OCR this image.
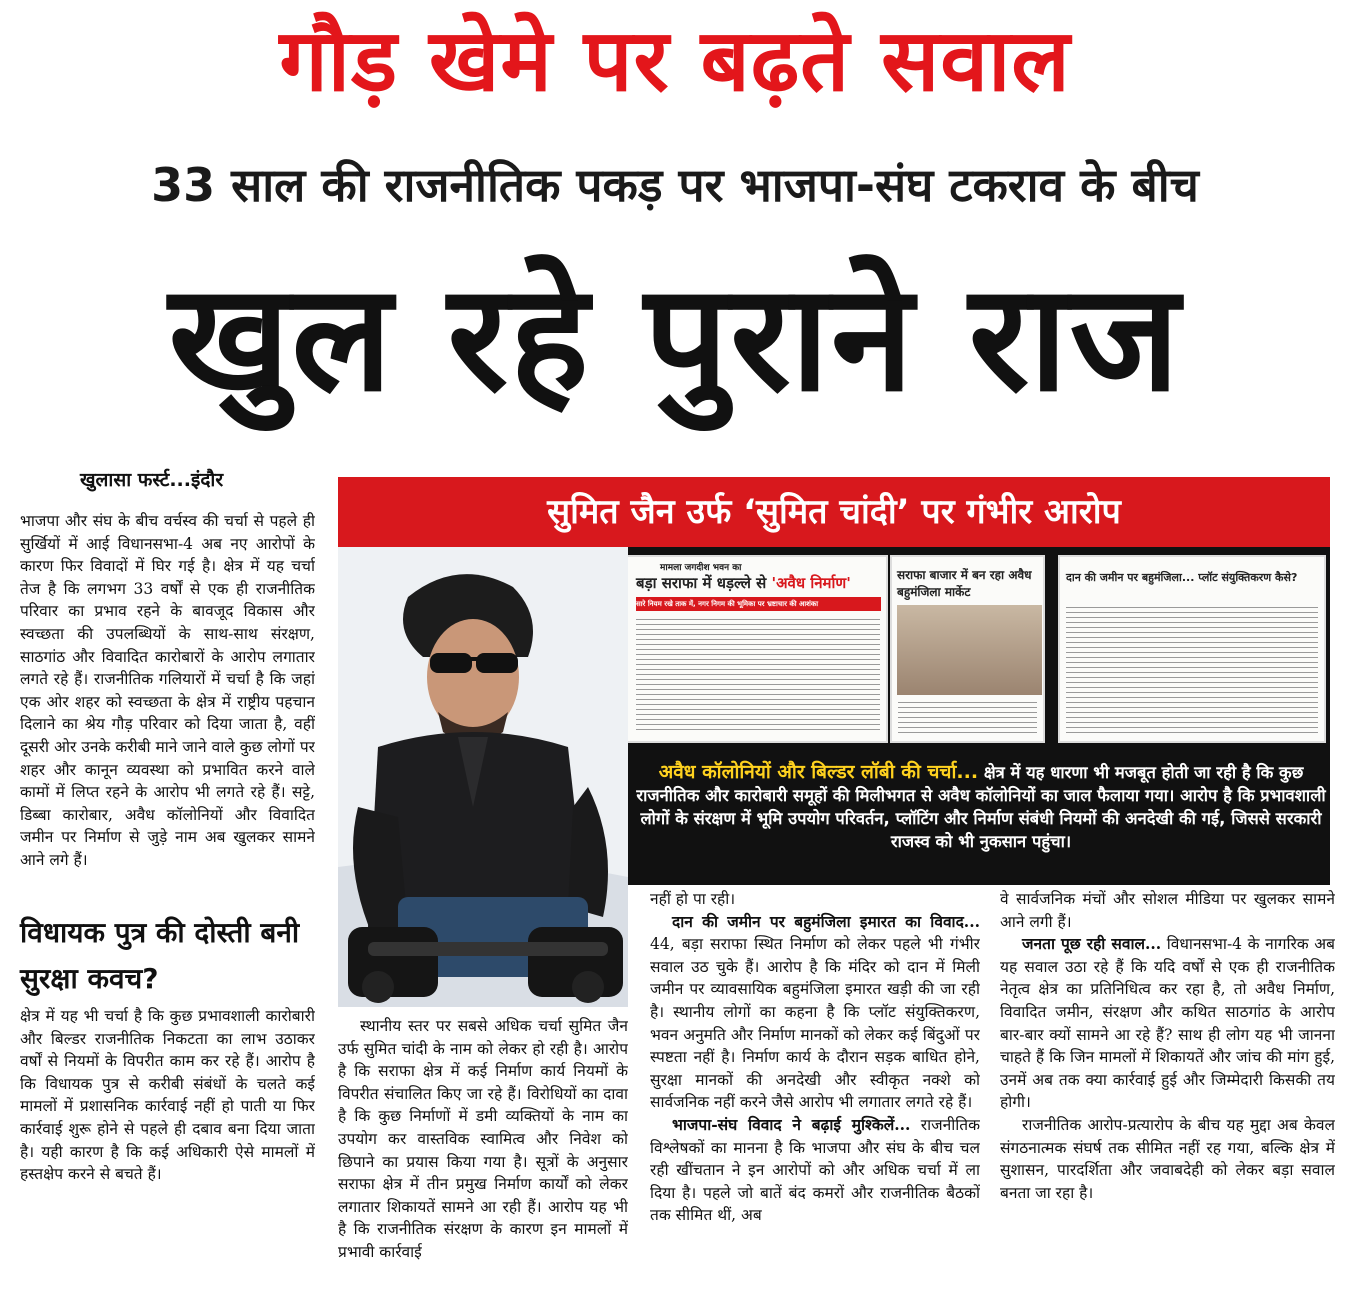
गौड़ खेमे पर बढ़ते सवाल
33 साल की राजनीतिक पकड़ पर भाजपा-संघ टकराव के बीच
खुल रहे पुराने राज
खुलासा फर्स्ट...इंदौर

भाजपा और संघ के बीच वर्चस्व की चर्चा से पहले ही सुर्खियों में आई विधानसभा-4 अब नए आरोपों के कारण फिर विवादों में घिर गई है। क्षेत्र में यह चर्चा तेज है कि लगभग 33 वर्षों से एक ही राजनीतिक परिवार का प्रभाव रहने के बावजूद विकास और स्वच्छता की उपलब्धियों के साथ-साथ संरक्षण, साठगांठ और विवादित कारोबारों के आरोप लगातार लगते रहे हैं। राजनीतिक गलियारों में चर्चा है कि जहां एक ओर शहर को स्वच्छता के क्षेत्र में राष्ट्रीय पहचान दिलाने का श्रेय गौड़ परिवार को दिया जाता है, वहीं दूसरी ओर उनके करीबी माने जाने वाले कुछ लोगों पर शहर और कानून व्यवस्था को प्रभावित करने वाले कामों में लिप्त रहने के आरोप भी लगते रहे हैं। सट्टे, डिब्बा कारोबार, अवैध कॉलोनियों और विवादित जमीन पर निर्माण से जुड़े नाम अब खुलकर सामने आने लगे हैं।

विधायक पुत्र की दोस्ती बनी सुरक्षा कवच?

क्षेत्र में यह भी चर्चा है कि कुछ प्रभावशाली कारोबारी और बिल्डर राजनीतिक निकटता का लाभ उठाकर वर्षों से नियमों के विपरीत काम कर रहे हैं। आरोप है कि विधायक पुत्र से करीबी संबंधों के चलते कई मामलों में प्रशासनिक कार्रवाई नहीं हो पाती या फिर कार्रवाई शुरू होने से पहले ही दबाव बना दिया जाता है। यही कारण है कि कई अधिकारी ऐसे मामलों में हस्तक्षेप करने से बचते हैं।

सुमित जैन उर्फ ‘सुमित चांदी’ पर गंभीर आरोप
मामला जगदीश भवन का
बड़ा सराफा में धड़ल्ले से 'अवैध निर्माण'
सारे नियम रखे ताक में, नगर निगम की भूमिका पर भ्रष्टाचार की आशंका
सराफा बाजार में बन रहा अवैध बहुमंजिला मार्केट
दान की जमीन पर बहुमंजिला... प्लॉट संयुक्तिकरण कैसे?
अवैध कॉलोनियों और बिल्डर लॉबी की चर्चा... क्षेत्र में यह धारणा भी मजबूत होती जा रही है कि कुछ राजनीतिक और कारोबारी समूहों की मिलीभगत से अवैध कॉलोनियों का जाल फैलाया गया। आरोप है कि प्रभावशाली लोगों के संरक्षण में भूमि उपयोग परिवर्तन, प्लॉटिंग और निर्माण संबंधी नियमों की अनदेखी की गई, जिससे सरकारी राजस्व को भी नुकसान पहुंचा।

स्थानीय स्तर पर सबसे अधिक चर्चा सुमित जैन उर्फ सुमित चांदी के नाम को लेकर हो रही है। आरोप है कि सराफा क्षेत्र में कई निर्माण कार्य नियमों के विपरीत संचालित किए जा रहे हैं। विरोधियों का दावा है कि कुछ निर्माणों में डमी व्यक्तियों के नाम का उपयोग कर वास्तविक स्वामित्व और निवेश को छिपाने का प्रयास किया गया है। सूत्रों के अनुसार सराफा क्षेत्र में तीन प्रमुख निर्माण कार्यों को लेकर लगातार शिकायतें सामने आ रही हैं। आरोप यह भी है कि राजनीतिक संरक्षण के कारण इन मामलों में प्रभावी कार्रवाई

नहीं हो पा रही।

दान की जमीन पर बहुमंजिला इमारत का विवाद... 44, बड़ा सराफा स्थित निर्माण को लेकर पहले भी गंभीर सवाल उठ चुके हैं। आरोप है कि मंदिर को दान में मिली जमीन पर व्यावसायिक बहुमंजिला इमारत खड़ी की जा रही है। स्थानीय लोगों का कहना है कि प्लॉट संयुक्तिकरण, भवन अनुमति और निर्माण मानकों को लेकर कई बिंदुओं पर स्पष्टता नहीं है। निर्माण कार्य के दौरान सड़क बाधित होने, सुरक्षा मानकों की अनदेखी और स्वीकृत नक्शे को सार्वजनिक नहीं करने जैसे आरोप भी लगातार लगते रहे हैं।

भाजपा-संघ विवाद ने बढ़ाई मुश्किलें... राजनीतिक विश्लेषकों का मानना है कि भाजपा और संघ के बीच चल रही खींचतान ने इन आरोपों को और अधिक चर्चा में ला दिया है। पहले जो बातें बंद कमरों और राजनीतिक बैठकों तक सीमित थीं, अब

वे सार्वजनिक मंचों और सोशल मीडिया पर खुलकर सामने आने लगी हैं।

जनता पूछ रही सवाल... विधानसभा-4 के नागरिक अब यह सवाल उठा रहे हैं कि यदि वर्षों से एक ही राजनीतिक नेतृत्व क्षेत्र का प्रतिनिधित्व कर रहा है, तो अवैध निर्माण, विवादित जमीन, संरक्षण और कथित साठगांठ के आरोप बार-बार क्यों सामने आ रहे हैं? साथ ही लोग यह भी जानना चाहते हैं कि जिन मामलों में शिकायतें और जांच की मांग हुई, उनमें अब तक क्या कार्रवाई हुई और जिम्मेदारी किसकी तय होगी।

राजनीतिक आरोप-प्रत्यारोप के बीच यह मुद्दा अब केवल संगठनात्मक संघर्ष तक सीमित नहीं रह गया, बल्कि क्षेत्र में सुशासन, पारदर्शिता और जवाबदेही को लेकर बड़ा सवाल बनता जा रहा है।
